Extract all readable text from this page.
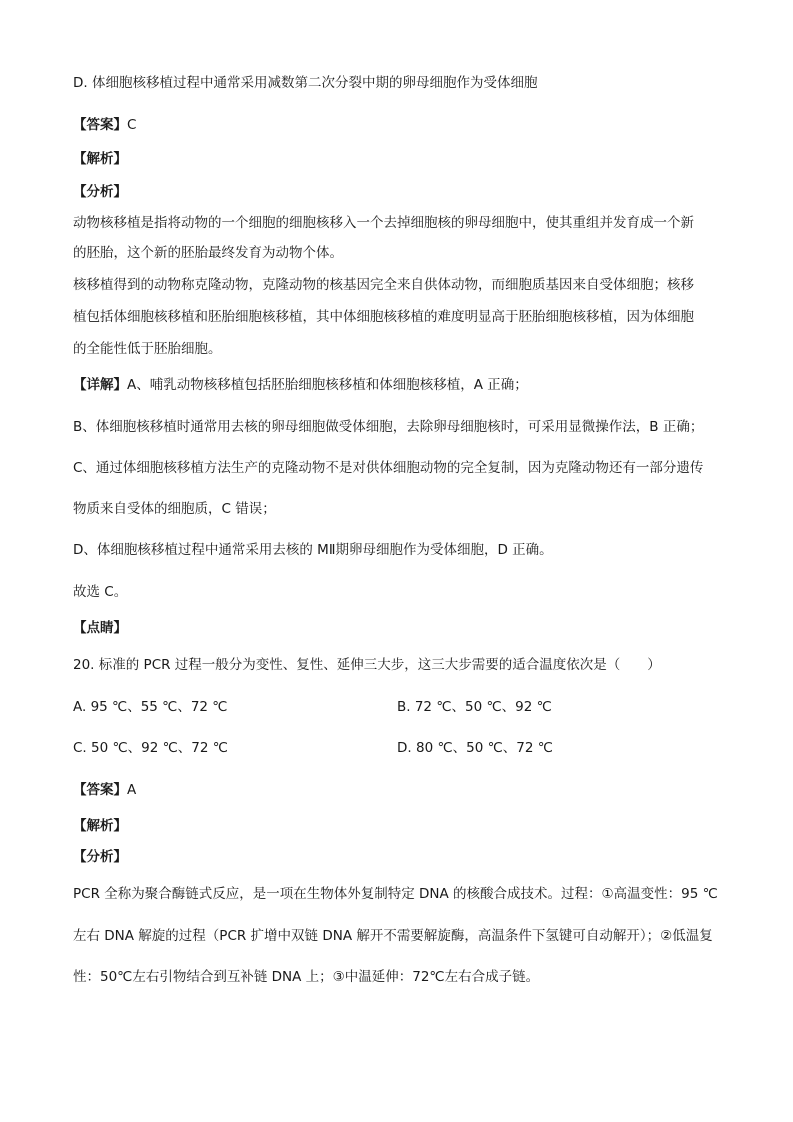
D. 体细胞核移植过程中通常采用减数第二次分裂中期的卵母细胞作为受体细胞
【答案】C
【解析】
【分析】
动物核移植是指将动物的一个细胞的细胞核移入一个去掉细胞核的卵母细胞中，使其重组并发育成一个新
的胚胎，这个新的胚胎最终发育为动物个体。
核移植得到的动物称克隆动物，克隆动物的核基因完全来自供体动物，而细胞质基因来自受体细胞；核移
植包括体细胞核移植和胚胎细胞核移植，其中体细胞核移植的难度明显高于胚胎细胞核移植，因为体细胞
的全能性低于胚胎细胞。
【详解】A、哺乳动物核移植包括胚胎细胞核移植和体细胞核移植，A 正确；
B、体细胞核移植时通常用去核的卵母细胞做受体细胞，去除卵母细胞核时，可采用显微操作法，B 正确；
C、通过体细胞核移植方法生产的克隆动物不是对供体细胞动物的完全复制，因为克隆动物还有一部分遗传
物质来自受体的细胞质，C 错误；
D、体细胞核移植过程中通常采用去核的 MⅡ期卵母细胞作为受体细胞，D 正确。
故选 C。
【点睛】
20. 标准的 PCR 过程一般分为变性、复性、延伸三大步，这三大步需要的适合温度依次是（　　）
A. 95 ℃、55 ℃、72 ℃	B. 72 ℃、50 ℃、92 ℃
C. 50 ℃、92 ℃、72 ℃	D. 80 ℃、50 ℃、72 ℃
【答案】A
【解析】
【分析】
PCR 全称为聚合酶链式反应，是一项在生物体外复制特定 DNA 的核酸合成技术。过程：①高温变性：95 ℃
左右 DNA 解旋的过程（PCR 扩增中双链 DNA 解开不需要解旋酶，高温条件下氢键可自动解开）；②低温复
性：50℃左右引物结合到互补链 DNA 上；③中温延伸：72℃左右合成子链。
